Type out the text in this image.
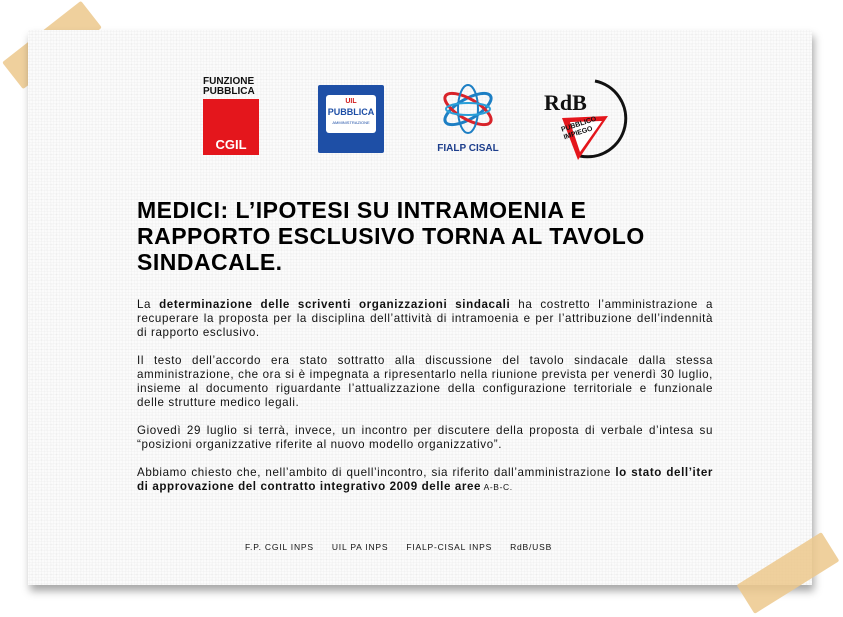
FUNZIONE
PUBBLICA
CGIL
UIL
PUBBLICA
AMMINISTRAZIONE
FIALP CISAL
RdB
PUBBLICO
IMPIEGO
MEDICI: L’IPOTESI SU INTRAMOENIA E RAPPORTO ESCLUSIVO TORNA AL TAVOLO SINDACALE.

La determinazione delle scriventi organizzazioni sindacali ha costretto l’amministrazione a recuperare la proposta per la disciplina dell’attività di intramoenia e per l’attribuzione dell’indennità di rapporto esclusivo.

Il testo dell’accordo era stato sottratto alla discussione del tavolo sindacale dalla stessa amministrazione, che ora si è impegnata a ripresentarlo nella riunione prevista per venerdì 30 luglio, insieme al documento riguardante l’attualizzazione della configurazione territoriale e funzionale delle strutture medico legali.

Giovedì 29 luglio si terrà, invece, un incontro per discutere della proposta di verbale d’intesa su “posizioni organizzative riferite al nuovo modello organizzativo”.

Abbiamo chiesto che, nell’ambito di quell’incontro, sia riferito dall’amministrazione lo stato dell’iter di approvazione del contratto integrativo 2009 delle aree A-B-C.

F.P. CGIL INPS UIL PA INPS FIALP-CISAL INPS RdB/USB
